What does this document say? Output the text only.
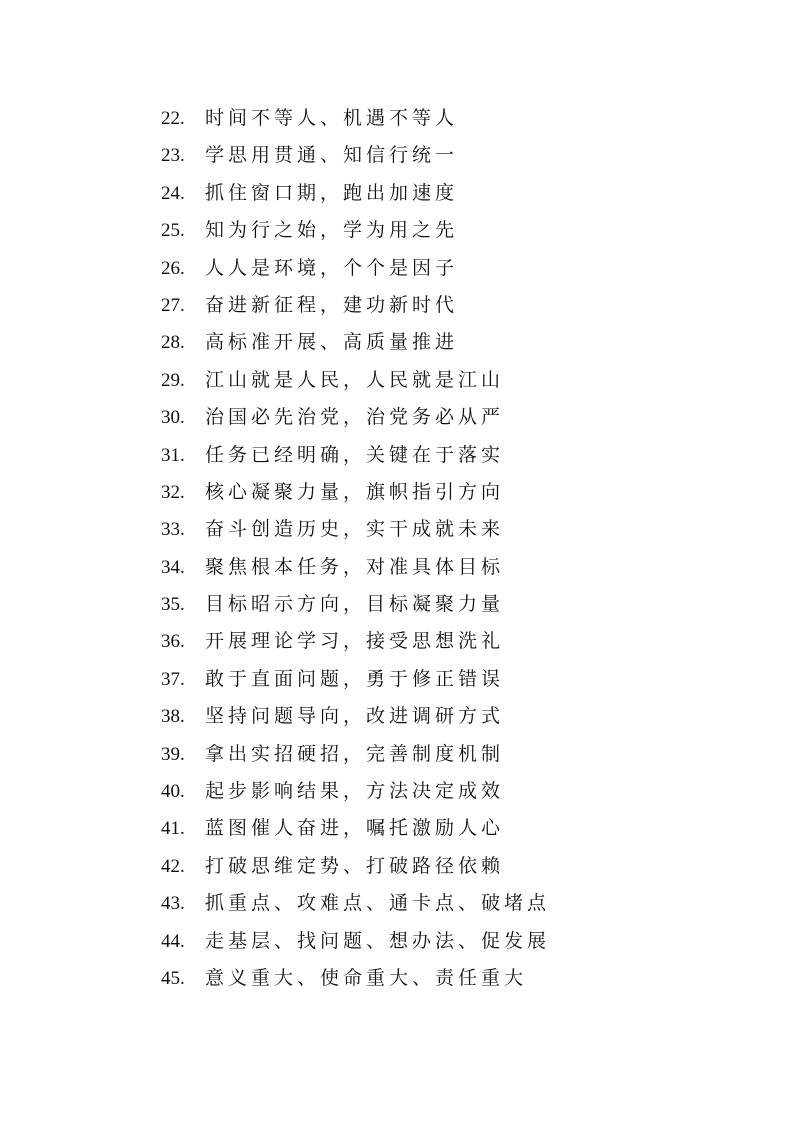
22.	时间不等人、机遇不等人
23.	学思用贯通、知信行统一
24.	抓住窗口期，跑出加速度
25.	知为行之始，学为用之先
26.	人人是环境，个个是因子
27.	奋进新征程，建功新时代
28.	高标准开展、高质量推进
29.	江山就是人民，人民就是江山
30.	治国必先治党，治党务必从严
31.	任务已经明确，关键在于落实
32.	核心凝聚力量，旗帜指引方向
33.	奋斗创造历史，实干成就未来
34.	聚焦根本任务，对准具体目标
35.	目标昭示方向，目标凝聚力量
36.	开展理论学习，接受思想洗礼
37.	敢于直面问题，勇于修正错误
38.	坚持问题导向，改进调研方式
39.	拿出实招硬招，完善制度机制
40.	起步影响结果，方法决定成效
41.	蓝图催人奋进，嘱托激励人心
42.	打破思维定势、打破路径依赖
43.	抓重点、攻难点、通卡点、破堵点
44.	走基层、找问题、想办法、促发展
45.	意义重大、使命重大、责任重大
